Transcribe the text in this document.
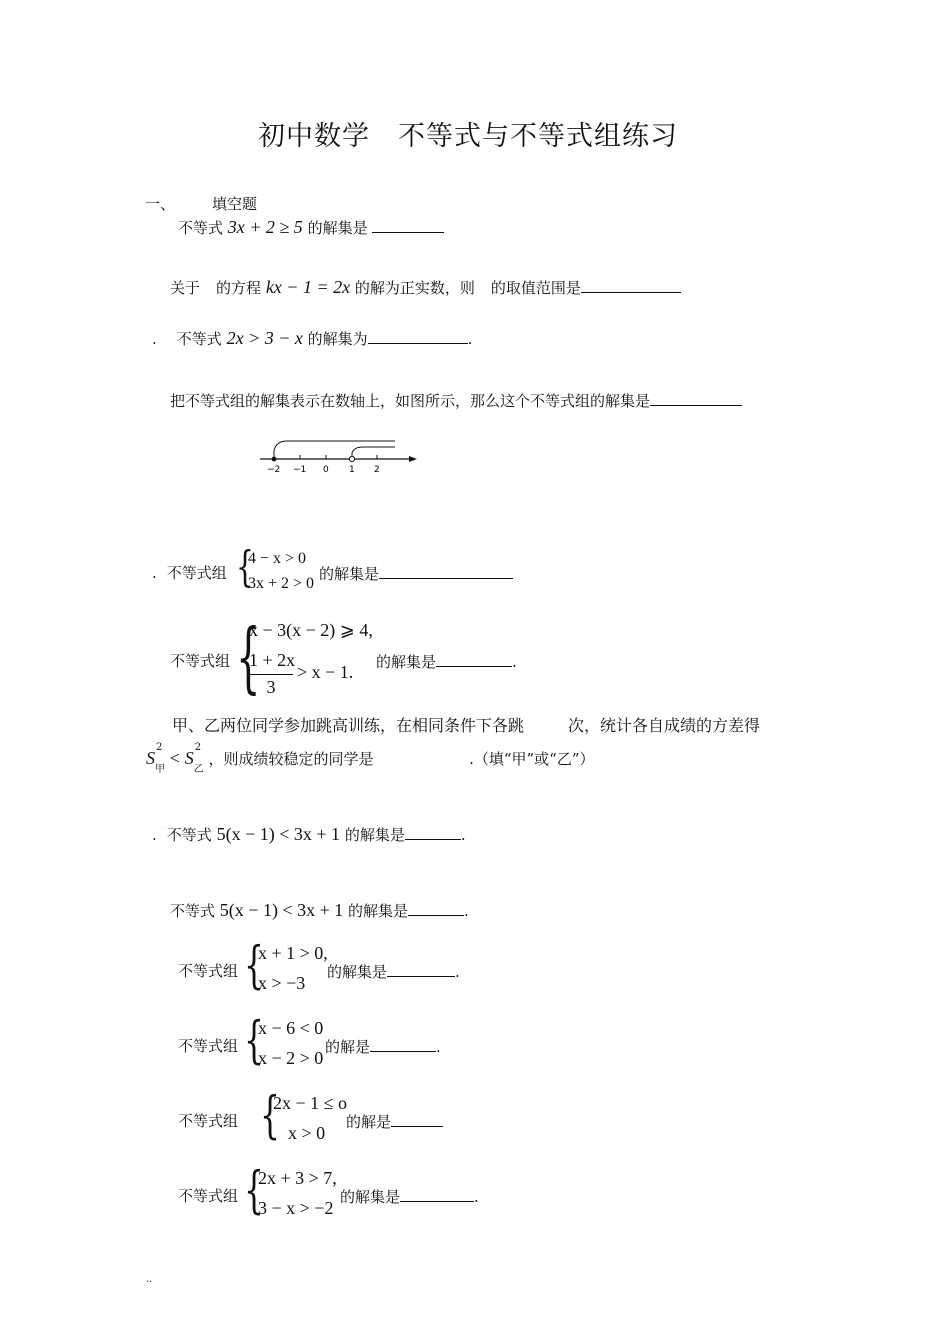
初中数学　不等式与不等式组练习
一、 填空题
不等式 3x + 2 ≥ 5 的解集是
关于 的方程 kx − 1 = 2x 的解为正实数，则 的取值范围是
. 不等式 2x > 3 − x 的解集为	.
把不等式组的解集表示在数轴上，如图所示，那么这个不等式组的解集是
−2 −1 0 1 2
. 不等式组 {
4 − x > 0
3x + 2 > 0
的解集是
不等式组 {
x − 3(x − 2) ⩾ 4,
1 + 2x
3
> x − 1. 的解集是	.
甲、乙两位同学参加跳高训练，在相同条件下各跳	次，统计各自成绩的方差得
S
2
甲
< S
2
乙
，则成绩较稳定的同学是	.（填“甲”或“乙”）
. 不等式 5(x − 1) < 3x + 1 的解集是	.
不等式 5(x − 1) < 3x + 1 的解集是	.
不等式组 {
x + 1 > 0,
x > −3
的解集是	.
不等式组 {
x − 6 < 0
x − 2 > 0
的解是	.
不等式组 {
2x − 1 ≤ o
x > 0
的解是
不等式组 {
2x + 3 > 7,
3 − x > −2
的解集是	.
..
